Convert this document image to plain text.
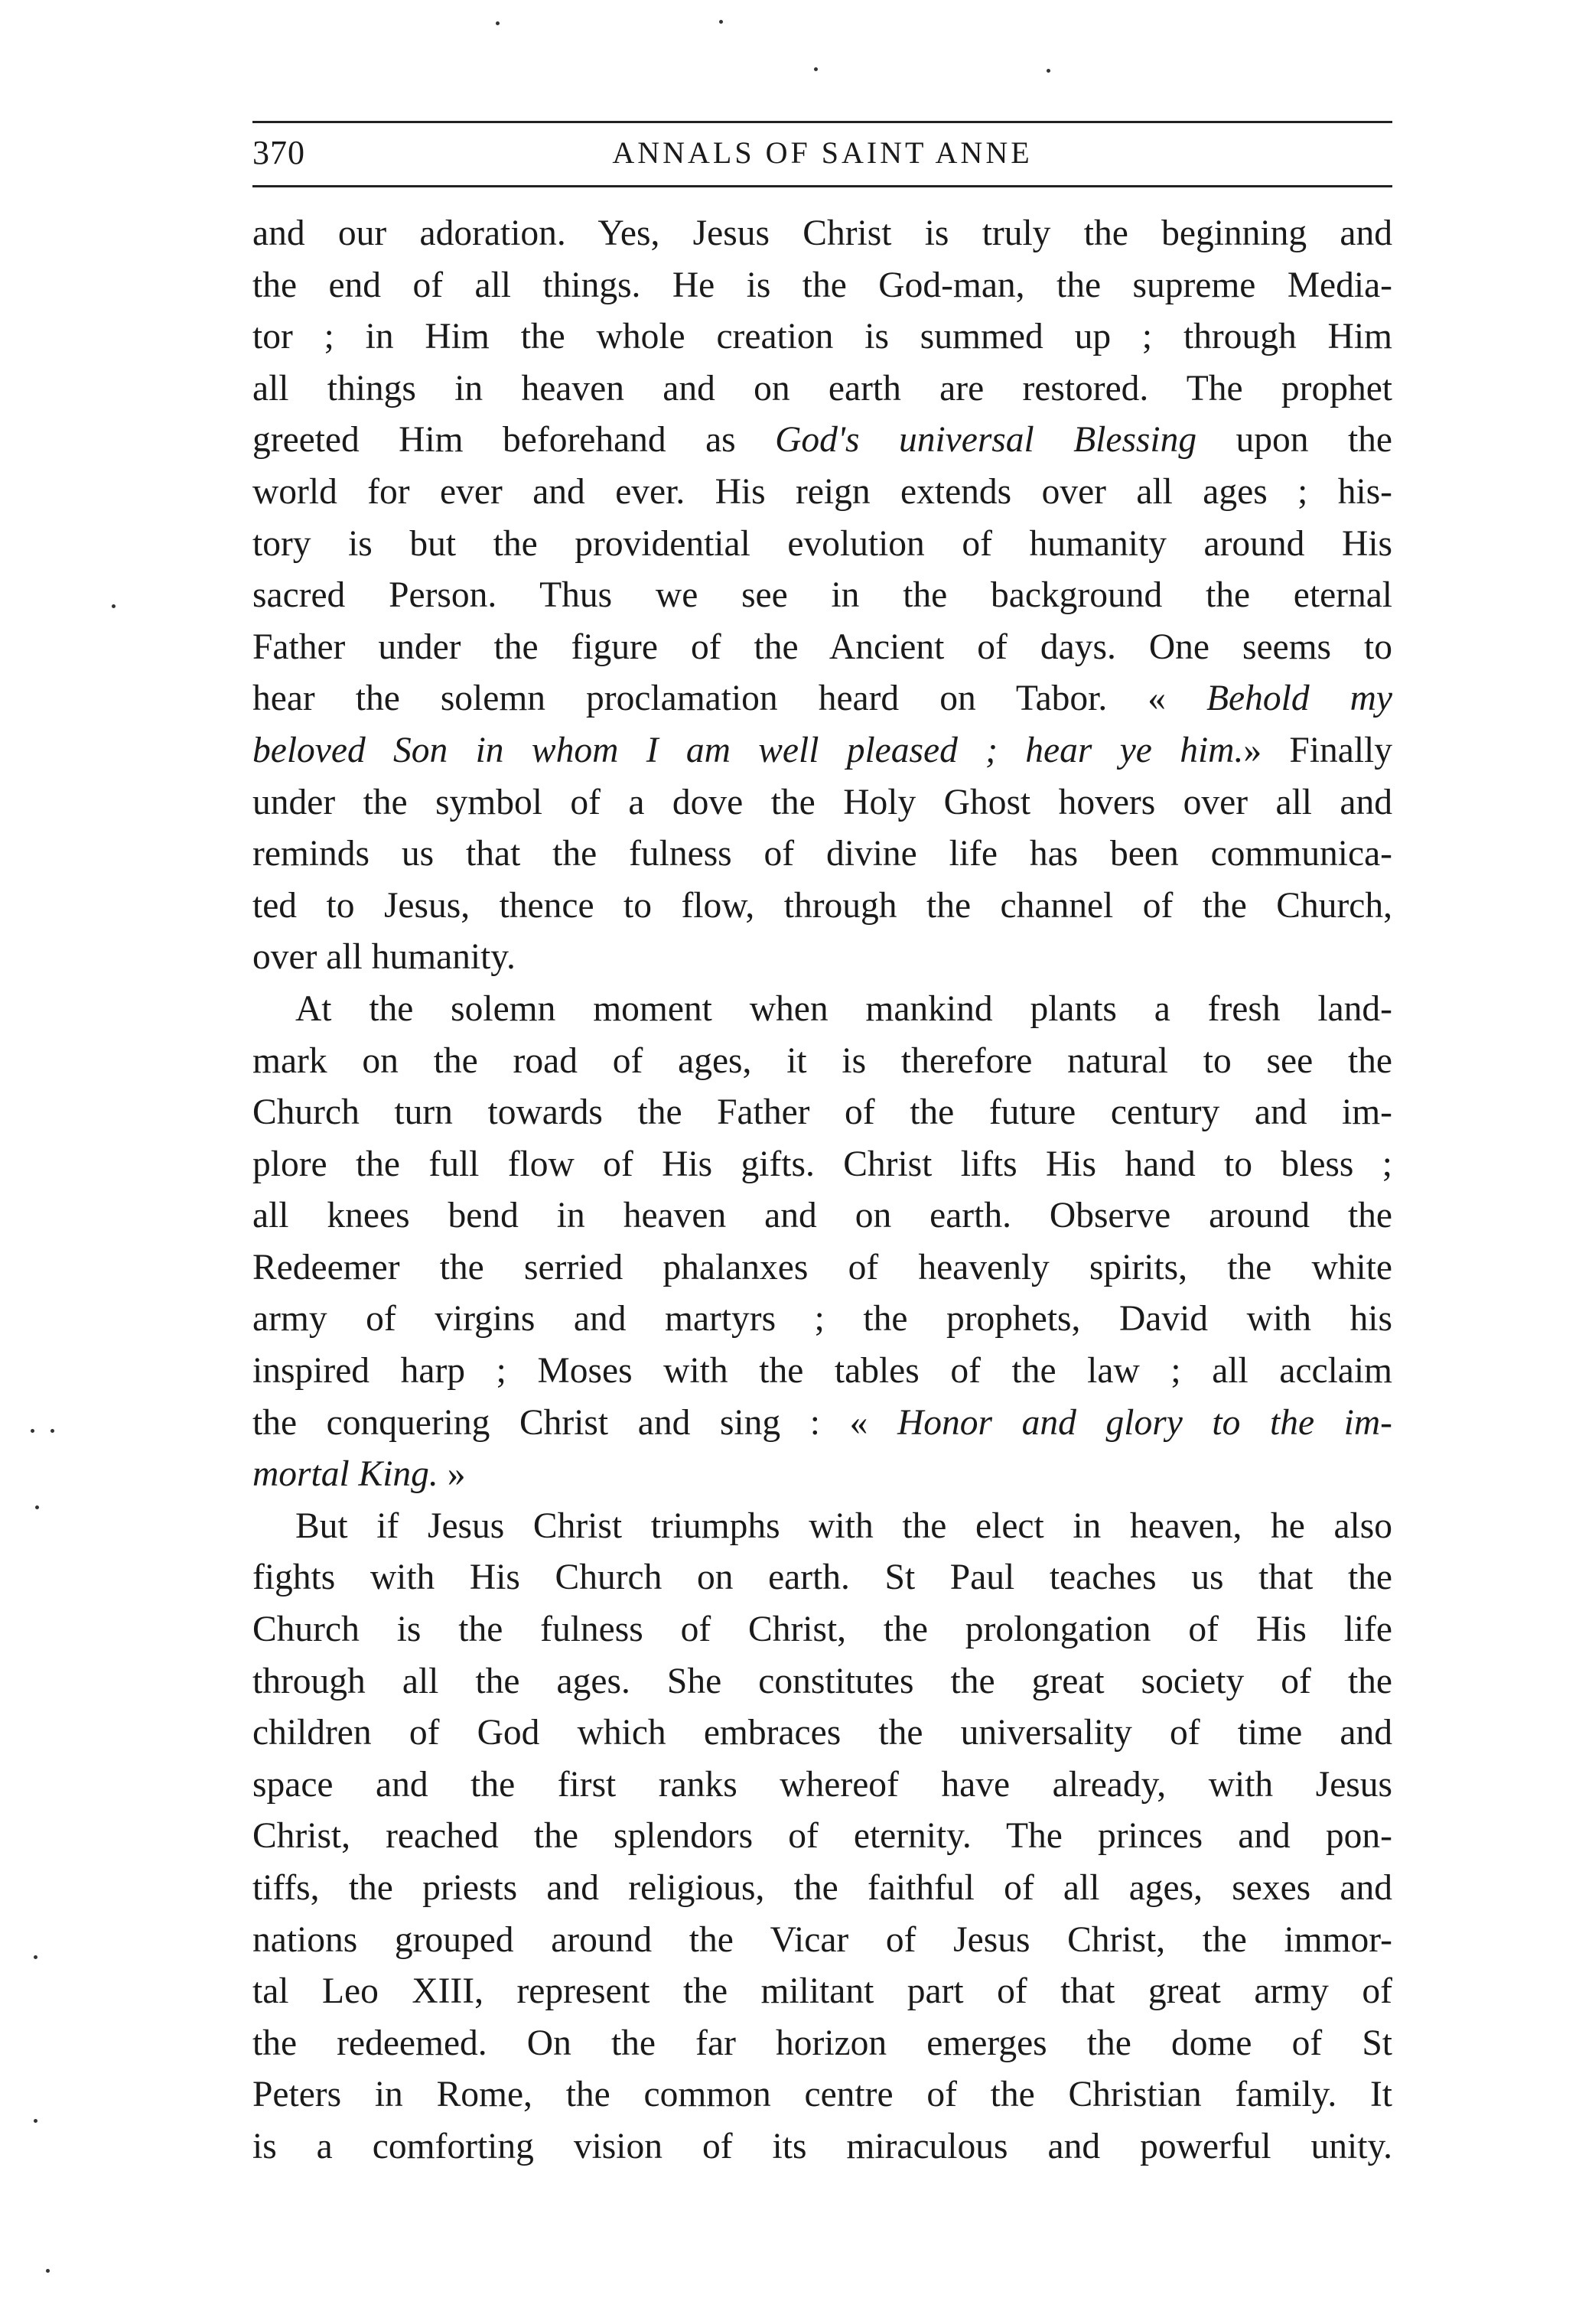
370	ANNALS OF SAINT ANNE
and our adoration. Yes, Jesus Christ is truly the beginning and
the end of all things. He is the God-man, the supreme Media-
tor ; in Him the whole creation is summed up ; through Him
all things in heaven and on earth are restored. The prophet
greeted Him beforehand as God's universal Blessing upon the
world for ever and ever. His reign extends over all ages ; his-
tory is but the providential evolution of humanity around His
sacred Person. Thus we see in the background the eternal
Father under the figure of the Ancient of days. One seems to
hear the solemn proclamation heard on Tabor. « Behold my
beloved Son in whom I am well pleased ; hear ye him.» Finally
under the symbol of a dove the Holy Ghost hovers over all and
reminds us that the fulness of divine life has been communica-
ted to Jesus, thence to flow, through the channel of the Church,
over all humanity.
At the solemn moment when mankind plants a fresh land-
mark on the road of ages, it is therefore natural to see the
Church turn towards the Father of the future century and im-
plore the full flow of His gifts. Christ lifts His hand to bless ;
all knees bend in heaven and on earth. Observe around the
Redeemer the serried phalanxes of heavenly spirits, the white
army of virgins and martyrs ; the prophets, David with his
inspired harp ; Moses with the tables of the law ; all acclaim
the conquering Christ and sing : « Honor and glory to the im-
mortal King. »
But if Jesus Christ triumphs with the elect in heaven, he also
fights with His Church on earth. St Paul teaches us that the
Church is the fulness of Christ, the prolongation of His life
through all the ages. She constitutes the great society of the
children of God which embraces the universality of time and
space and the first ranks whereof have already, with Jesus
Christ, reached the splendors of eternity. The princes and pon-
tiffs, the priests and religious, the faithful of all ages, sexes and
nations grouped around the Vicar of Jesus Christ, the immor-
tal Leo XIII, represent the militant part of that great army of
the redeemed. On the far horizon emerges the dome of St
Peters in Rome, the common centre of the Christian family. It
is a comforting vision of its miraculous and powerful unity.
